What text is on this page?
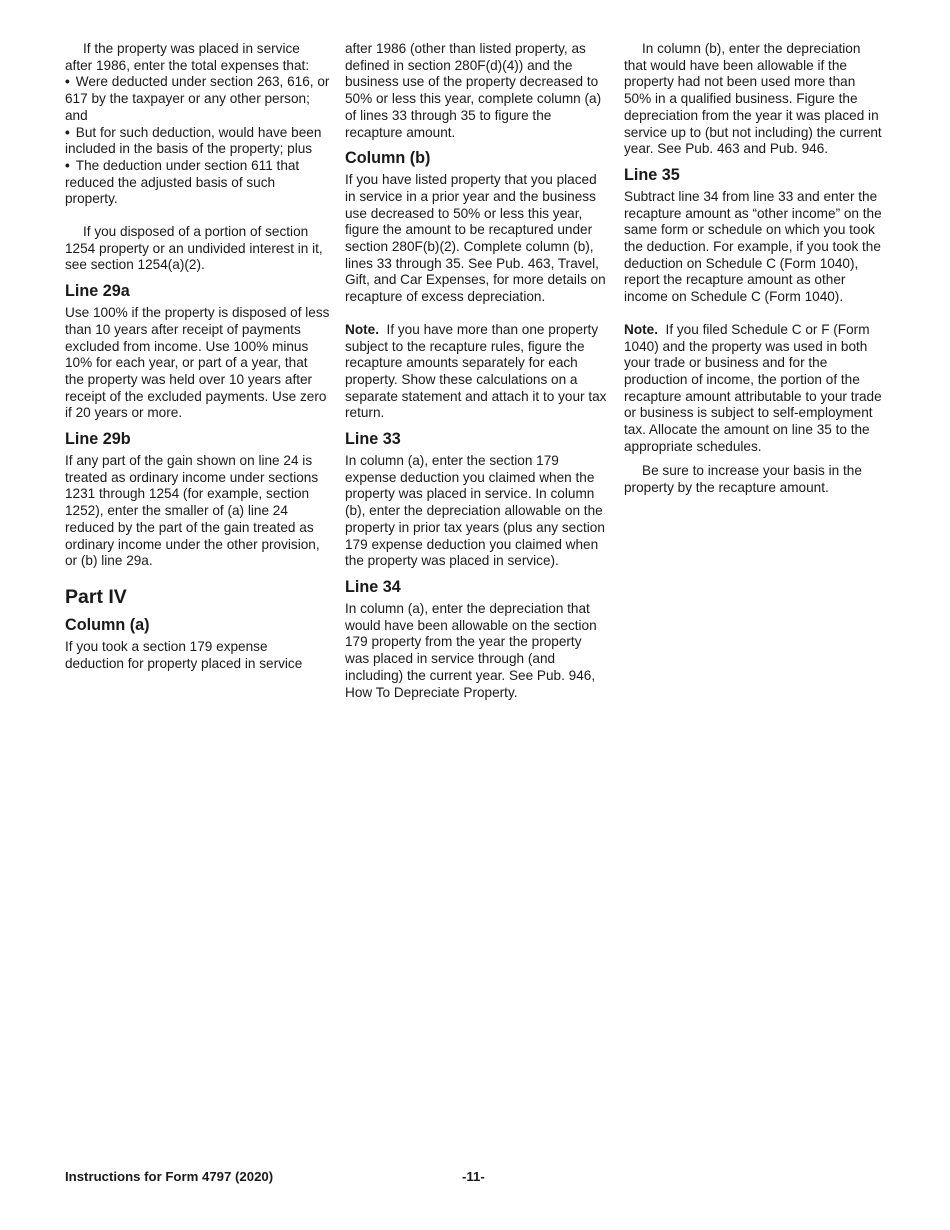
If the property was placed in service after 1986, enter the total expenses that:

• Were deducted under section 263, 616, or 617 by the taxpayer or any other person; and

• But for such deduction, would have been included in the basis of the property; plus

• The deduction under section 611 that reduced the adjusted basis of such property.

If you disposed of a portion of section 1254 property or an undivided interest in it, see section 1254(a)(2).

Line 29a

Use 100% if the property is disposed of less than 10 years after receipt of payments excluded from income. Use 100% minus 10% for each year, or part of a year, that the property was held over 10 years after receipt of the excluded payments. Use zero if 20 years or more.

Line 29b

If any part of the gain shown on line 24 is treated as ordinary income under sections 1231 through 1254 (for example, section 1252), enter the smaller of (a) line 24 reduced by the part of the gain treated as ordinary income under the other provision, or (b) line 29a.

Part IV
Column (a)

If you took a section 179 expense deduction for property placed in service

after 1986 (other than listed property, as defined in section 280F(d)(4)) and the business use of the property decreased to 50% or less this year, complete column (a) of lines 33 through 35 to figure the recapture amount.

Column (b)

If you have listed property that you placed in service in a prior year and the business use decreased to 50% or less this year, figure the amount to be recaptured under section 280F(b)(2). Complete column (b), lines 33 through 35. See Pub. 463, Travel, Gift, and Car Expenses, for more details on recapture of excess depreciation.

Note. If you have more than one property subject to the recapture rules, figure the recapture amounts separately for each property. Show these calculations on a separate statement and attach it to your tax return.

Line 33

In column (a), enter the section 179 expense deduction you claimed when the property was placed in service. In column (b), enter the depreciation allowable on the property in prior tax years (plus any section 179 expense deduction you claimed when the property was placed in service).

Line 34

In column (a), enter the depreciation that would have been allowable on the section 179 property from the year the property was placed in service through (and including) the current year. See Pub. 946, How To Depreciate Property.

In column (b), enter the depreciation that would have been allowable if the property had not been used more than 50% in a qualified business. Figure the depreciation from the year it was placed in service up to (but not including) the current year. See Pub. 463 and Pub. 946.

Line 35

Subtract line 34 from line 33 and enter the recapture amount as “other income” on the same form or schedule on which you took the deduction. For example, if you took the deduction on Schedule C (Form 1040), report the recapture amount as other income on Schedule C (Form 1040).

Note. If you filed Schedule C or F (Form 1040) and the property was used in both your trade or business and for the production of income, the portion of the recapture amount attributable to your trade or business is subject to self-employment tax. Allocate the amount on line 35 to the appropriate schedules.

Be sure to increase your basis in the property by the recapture amount.

Instructions for Form 4797 (2020)	-11-
